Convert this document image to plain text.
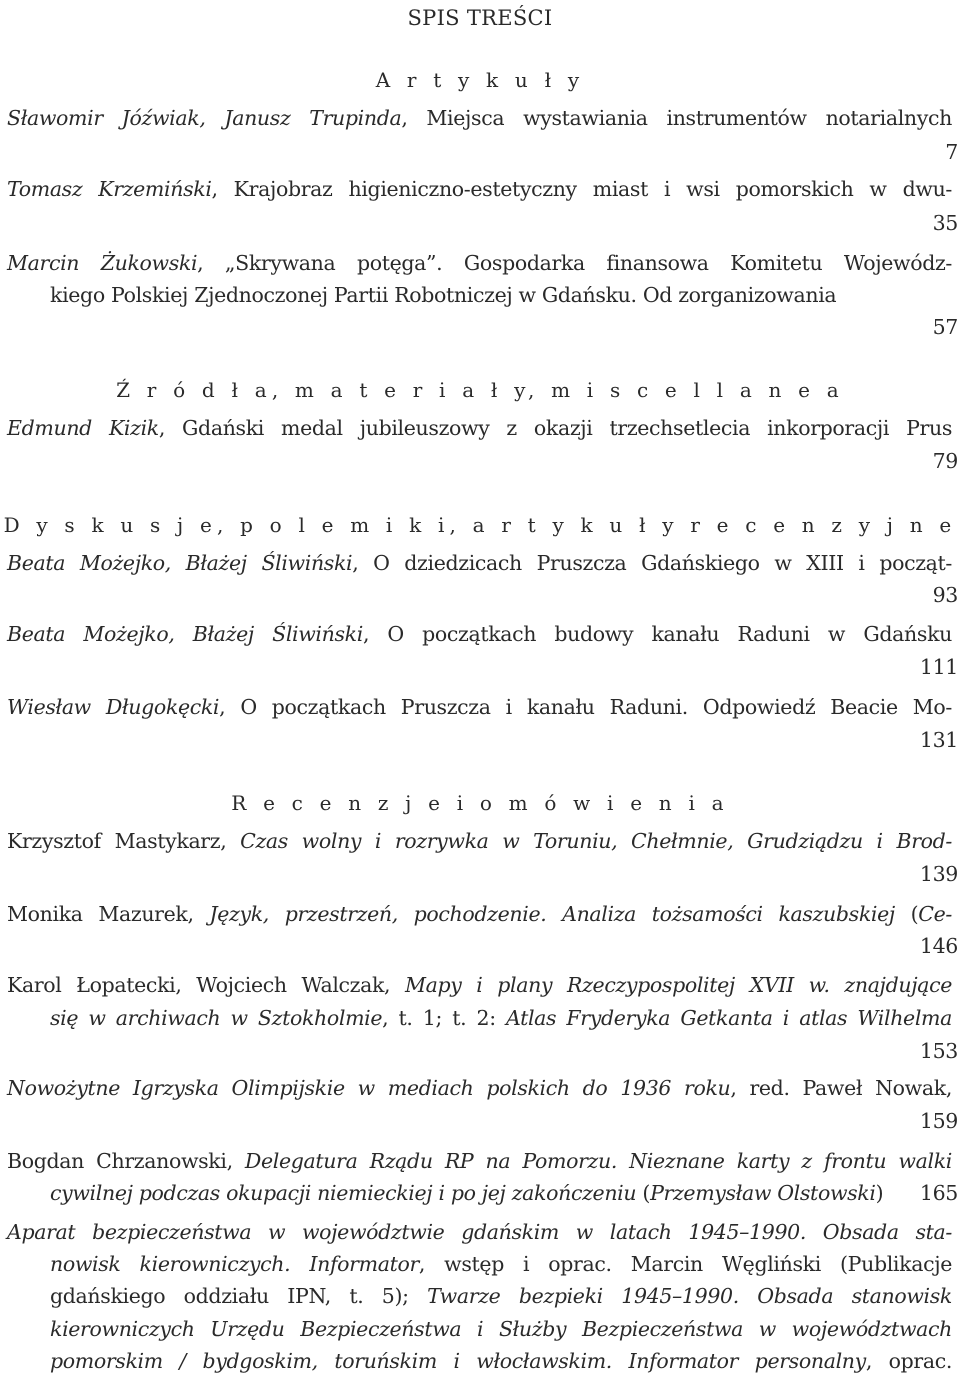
SPIS TREŚCI
A r t y k u ł y
Sławomir Jóźwiak, Janusz Trupinda, Miejsca wystawiania instrumentów notarialnych
7
Tomasz Krzemiński, Krajobraz higieniczno-estetyczny miast i wsi pomorskich w dwu-
35
Marcin Żukowski, „Skrywana potęga”. Gospodarka finansowa Komitetu Wojewódz-
kiego Polskiej Zjednoczonej Partii Robotniczej w Gdańsku. Od zorganizowania
57
Ź r ó d ł a, m a t e r i a ł y, m i s c e l l a n e a
Edmund Kizik, Gdański medal jubileuszowy z okazji trzechsetlecia inkorporacji Prus
79
D y s k u s j e, p o l e m i k i, a r t y k u ł y r e c e n z y j n e
Beata Możejko, Błażej Śliwiński, O dziedzicach Pruszcza Gdańskiego w XIII i począt-
93
Beata Możejko, Błażej Śliwiński, O początkach budowy kanału Raduni w Gdańsku
111
Wiesław Długokęcki, O początkach Pruszcza i kanału Raduni. Odpowiedź Beacie Mo-
131
R e c e n z j e i o m ó w i e n i a
Krzysztof Mastykarz, Czas wolny i rozrywka w Toruniu, Chełmnie, Grudziądzu i Brod-
139
Monika Mazurek, Język, przestrzeń, pochodzenie. Analiza tożsamości kaszubskiej (Ce-
146
Karol Łopatecki, Wojciech Walczak, Mapy i plany Rzeczypospolitej XVII w. znajdujące
się w archiwach w Sztokholmie, t. 1; t. 2: Atlas Fryderyka Getkanta i atlas Wilhelma
153
Nowożytne Igrzyska Olimpijskie w mediach polskich do 1936 roku, red. Paweł Nowak,
159
Bogdan Chrzanowski, Delegatura Rządu RP na Pomorzu. Nieznane karty z frontu walki
cywilnej podczas okupacji niemieckiej i po jej zakończeniu (Przemysław Olstowski) 165
Aparat bezpieczeństwa w województwie gdańskim w latach 1945–1990. Obsada sta-
nowisk kierowniczych. Informator, wstęp i oprac. Marcin Węgliński (Publikacje
gdańskiego oddziału IPN, t. 5); Twarze bezpieki 1945–1990. Obsada stanowisk
kierowniczych Urzędu Bezpieczeństwa i Służby Bezpieczeństwa w województwach
pomorskim / bydgoskim, toruńskim i włocławskim. Informator personalny, oprac.
